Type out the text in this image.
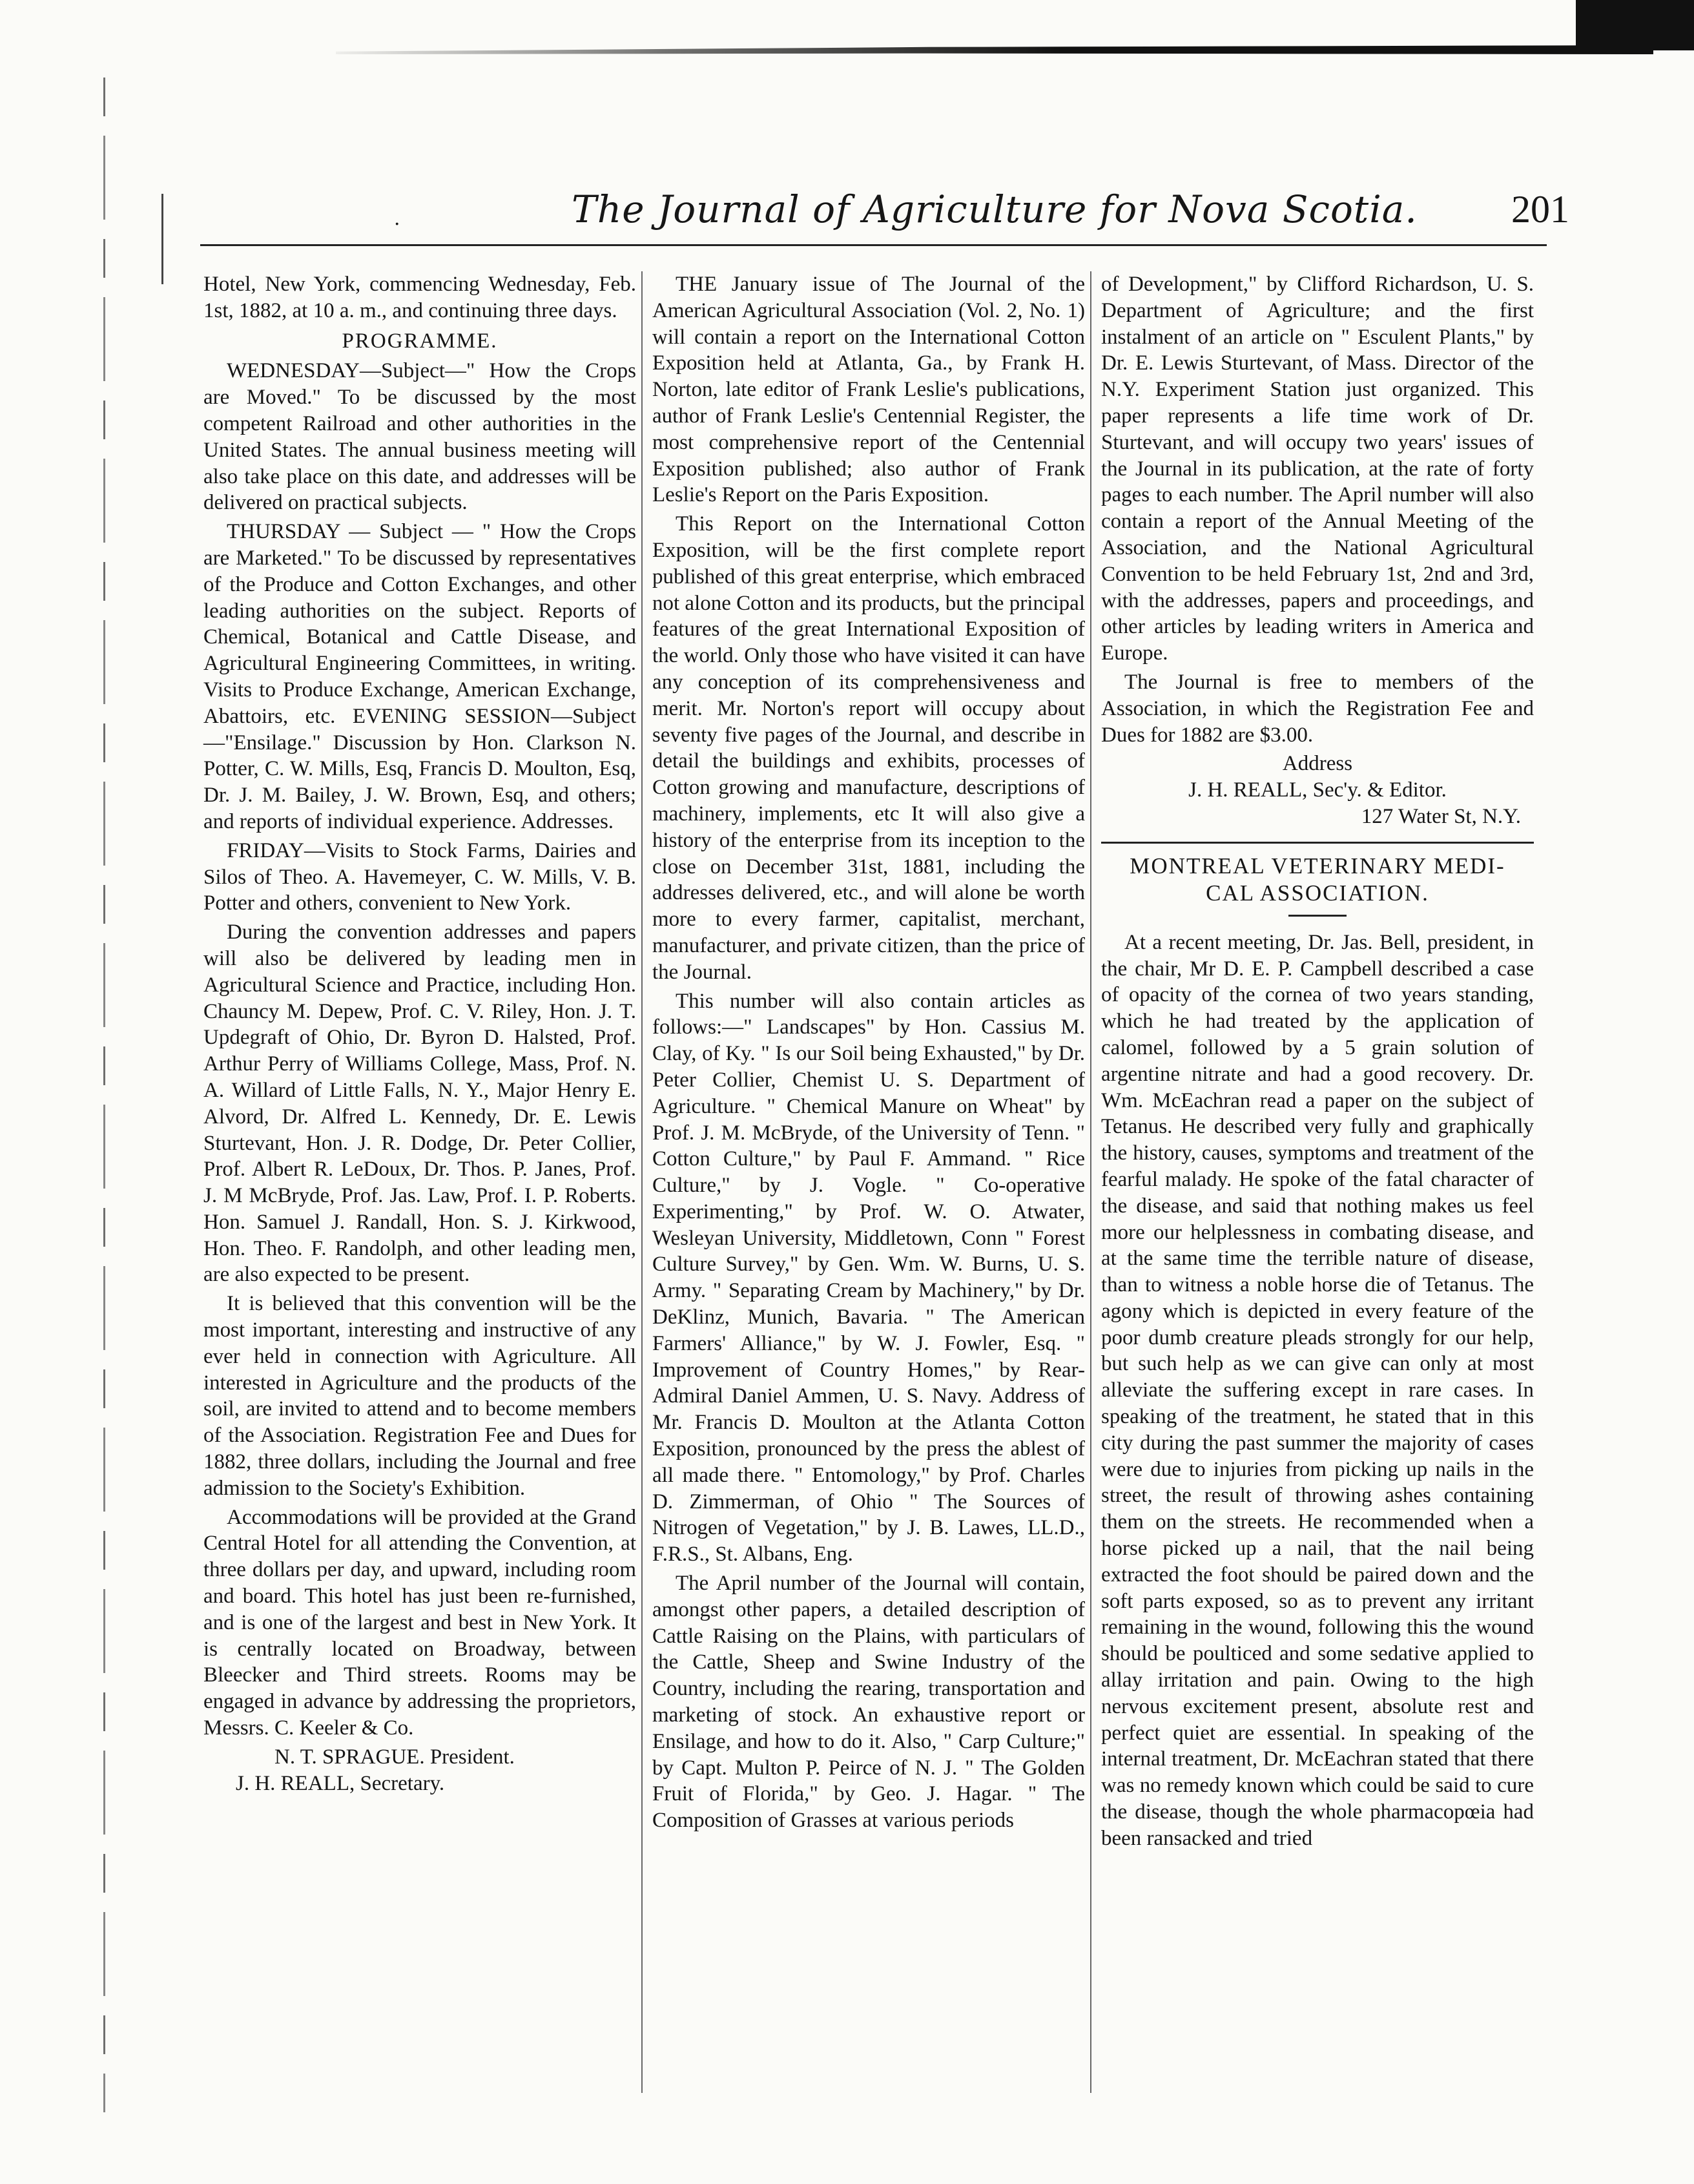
·	The Journal of Agriculture for Nova Scotia.	201

Hotel, New York, commencing Wednesday, Feb. 1st, 1882, at 10 a. m., and continuing three days.

PROGRAMME.

WEDNESDAY—Subject—" How the Crops are Moved." To be discussed by the most competent Railroad and other authorities in the United States. The annual business meeting will also take place on this date, and addresses will be delivered on practical subjects.

THURSDAY — Subject — " How the Crops are Marketed." To be discussed by representatives of the Produce and Cotton Exchanges, and other leading authorities on the subject. Reports of Chemical, Botanical and Cattle Disease, and Agricultural Engineering Committees, in writing. Visits to Produce Exchange, American Exchange, Abattoirs, etc. EVENING SESSION—Subject—"Ensilage." Discussion by Hon. Clarkson N. Potter, C. W. Mills, Esq, Francis D. Moulton, Esq, Dr. J. M. Bailey, J. W. Brown, Esq, and others; and reports of individual experience. Addresses.

FRIDAY—Visits to Stock Farms, Dairies and Silos of Theo. A. Havemeyer, C. W. Mills, V. B. Potter and others, convenient to New York.

During the convention addresses and papers will also be delivered by leading men in Agricultural Science and Practice, including Hon. Chauncy M. Depew, Prof. C. V. Riley, Hon. J. T. Updegraft of Ohio, Dr. Byron D. Halsted, Prof. Arthur Perry of Williams College, Mass, Prof. N. A. Willard of Little Falls, N. Y., Major Henry E. Alvord, Dr. Alfred L. Kennedy, Dr. E. Lewis Sturtevant, Hon. J. R. Dodge, Dr. Peter Collier, Prof. Albert R. LeDoux, Dr. Thos. P. Janes, Prof. J. M McBryde, Prof. Jas. Law, Prof. I. P. Roberts. Hon. Samuel J. Randall, Hon. S. J. Kirkwood, Hon. Theo. F. Randolph, and other leading men, are also expected to be present.

It is believed that this convention will be the most important, interesting and instructive of any ever held in connection with Agriculture. All interested in Agriculture and the products of the soil, are invited to attend and to become members of the Association. Registration Fee and Dues for 1882, three dollars, including the Journal and free admission to the Society's Exhibition.

Accommodations will be provided at the Grand Central Hotel for all attending the Convention, at three dollars per day, and upward, including room and board. This hotel has just been re-furnished, and is one of the largest and best in New York. It is centrally located on Broadway, between Bleecker and Third streets. Rooms may be engaged in advance by addressing the proprietors, Messrs. C. Keeler & Co.

N. T. SPRAGUE. President.

J. H. REALL, Secretary.

THE January issue of The Journal of the American Agricultural Association (Vol. 2, No. 1) will contain a report on the International Cotton Exposition held at Atlanta, Ga., by Frank H. Norton, late editor of Frank Leslie's publications, author of Frank Leslie's Centennial Register, the most comprehensive report of the Centennial Exposition published; also author of Frank Leslie's Report on the Paris Exposition.

This Report on the International Cotton Exposition, will be the first complete report published of this great enterprise, which embraced not alone Cotton and its products, but the principal features of the great International Exposition of the world. Only those who have visited it can have any conception of its comprehensiveness and merit. Mr. Norton's report will occupy about seventy five pages of the Journal, and describe in detail the buildings and exhibits, processes of Cotton growing and manufacture, descriptions of machinery, implements, etc It will also give a history of the enterprise from its inception to the close on December 31st, 1881, including the addresses delivered, etc., and will alone be worth more to every farmer, capitalist, merchant, manufacturer, and private citizen, than the price of the Journal.

This number will also contain articles as follows:—" Landscapes" by Hon. Cassius M. Clay, of Ky. " Is our Soil being Exhausted," by Dr. Peter Collier, Chemist U. S. Department of Agriculture. " Chemical Manure on Wheat" by Prof. J. M. McBryde, of the University of Tenn. " Cotton Culture," by Paul F. Ammand. " Rice Culture," by J. Vogle. " Co-operative Experimenting," by Prof. W. O. Atwater, Wesleyan University, Middletown, Conn " Forest Culture Survey," by Gen. Wm. W. Burns, U. S. Army. " Separating Cream by Machinery," by Dr. DeKlinz, Munich, Bavaria. " The American Farmers' Alliance," by W. J. Fowler, Esq. " Improvement of Country Homes," by Rear-Admiral Daniel Ammen, U. S. Navy. Address of Mr. Francis D. Moulton at the Atlanta Cotton Exposition, pronounced by the press the ablest of all made there. " Entomology," by Prof. Charles D. Zimmerman, of Ohio " The Sources of Nitrogen of Vegetation," by J. B. Lawes, LL.D., F.R.S., St. Albans, Eng.

The April number of the Journal will contain, amongst other papers, a detailed description of Cattle Raising on the Plains, with particulars of the Cattle, Sheep and Swine Industry of the Country, including the rearing, transportation and marketing of stock. An exhaustive report or Ensilage, and how to do it. Also, " Carp Culture;" by Capt. Multon P. Peirce of N. J. " The Golden Fruit of Florida," by Geo. J. Hagar. " The Composition of Grasses at various periods

of Development," by Clifford Richardson, U. S. Department of Agriculture; and the first instalment of an article on " Esculent Plants," by Dr. E. Lewis Sturtevant, of Mass. Director of the N.Y. Experiment Station just organized. This paper represents a life time work of Dr. Sturtevant, and will occupy two years' issues of the Journal in its publication, at the rate of forty pages to each number. The April number will also contain a report of the Annual Meeting of the Association, and the National Agricultural Convention to be held February 1st, 2nd and 3rd, with the addresses, papers and proceedings, and other articles by leading writers in America and Europe.

The Journal is free to members of the Association, in which the Registration Fee and Dues for 1882 are $3.00.

Address

J. H. REALL, Sec'y. & Editor.

127 Water St, N.Y.

MONTREAL VETERINARY MEDI-

CAL ASSOCIATION.

At a recent meeting, Dr. Jas. Bell, president, in the chair, Mr D. E. P. Campbell described a case of opacity of the cornea of two years standing, which he had treated by the application of calomel, followed by a 5 grain solution of argentine nitrate and had a good recovery. Dr. Wm. McEachran read a paper on the subject of Tetanus. He described very fully and graphically the history, causes, symptoms and treatment of the fearful malady. He spoke of the fatal character of the disease, and said that nothing makes us feel more our helplessness in combating disease, and at the same time the terrible nature of disease, than to witness a noble horse die of Tetanus. The agony which is depicted in every feature of the poor dumb creature pleads strongly for our help, but such help as we can give can only at most alleviate the suffering except in rare cases. In speaking of the treatment, he stated that in this city during the past summer the majority of cases were due to injuries from picking up nails in the street, the result of throwing ashes containing them on the streets. He recommended when a horse picked up a nail, that the nail being extracted the foot should be paired down and the soft parts exposed, so as to prevent any irritant remaining in the wound, following this the wound should be poulticed and some sedative applied to allay irritation and pain. Owing to the high nervous excitement present, absolute rest and perfect quiet are essential. In speaking of the internal treatment, Dr. McEachran stated that there was no remedy known which could be said to cure the disease, though the whole pharmacopœia had been ransacked and tried
